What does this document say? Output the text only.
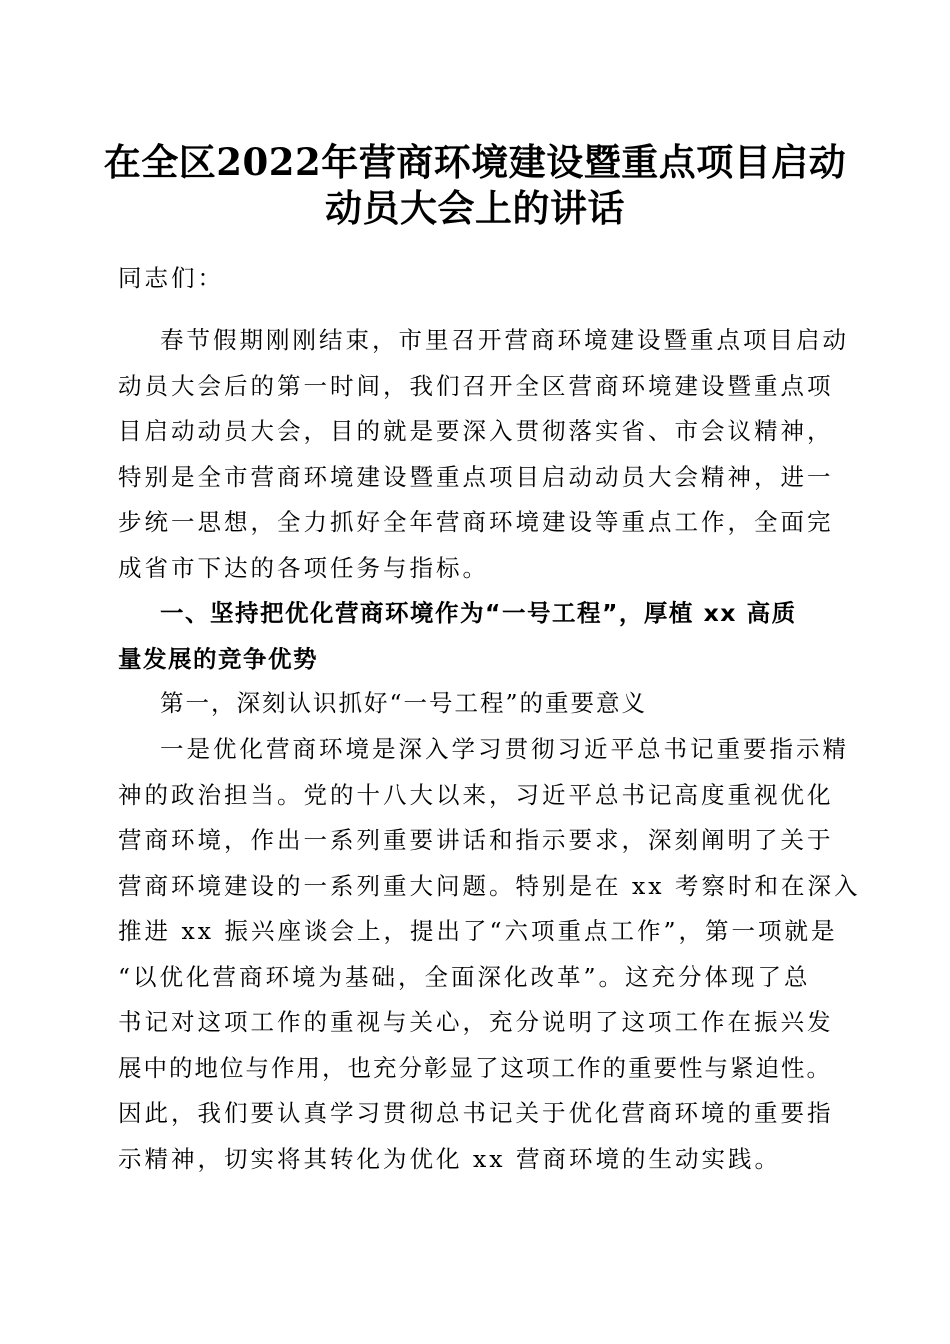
在全区2022年营商环境建设暨重点项目启动
动员大会上的讲话

同志们：

春节假期刚刚结束，市里召开营商环境建设暨重点项目启动
动员大会后的第一时间，我们召开全区营商环境建设暨重点项
目启动动员大会，目的就是要深入贯彻落实省、市会议精神，
特别是全市营商环境建设暨重点项目启动动员大会精神，进一
步统一思想，全力抓好全年营商环境建设等重点工作，全面完
成省市下达的各项任务与指标。

一、坚持把优化营商环境作为“一号工程”，厚植 xx 高质
量发展的竞争优势

第一，深刻认识抓好“一号工程”的重要意义

一是优化营商环境是深入学习贯彻习近平总书记重要指示精
神的政治担当。党的十八大以来，习近平总书记高度重视优化
营商环境，作出一系列重要讲话和指示要求，深刻阐明了关于
营商环境建设的一系列重大问题。特别是在 xx 考察时和在深入
推进 xx 振兴座谈会上，提出了“六项重点工作”，第一项就是
“以优化营商环境为基础，全面深化改革”。这充分体现了总
书记对这项工作的重视与关心，充分说明了这项工作在振兴发
展中的地位与作用，也充分彰显了这项工作的重要性与紧迫性。
因此，我们要认真学习贯彻总书记关于优化营商环境的重要指
示精神，切实将其转化为优化 xx 营商环境的生动实践。
